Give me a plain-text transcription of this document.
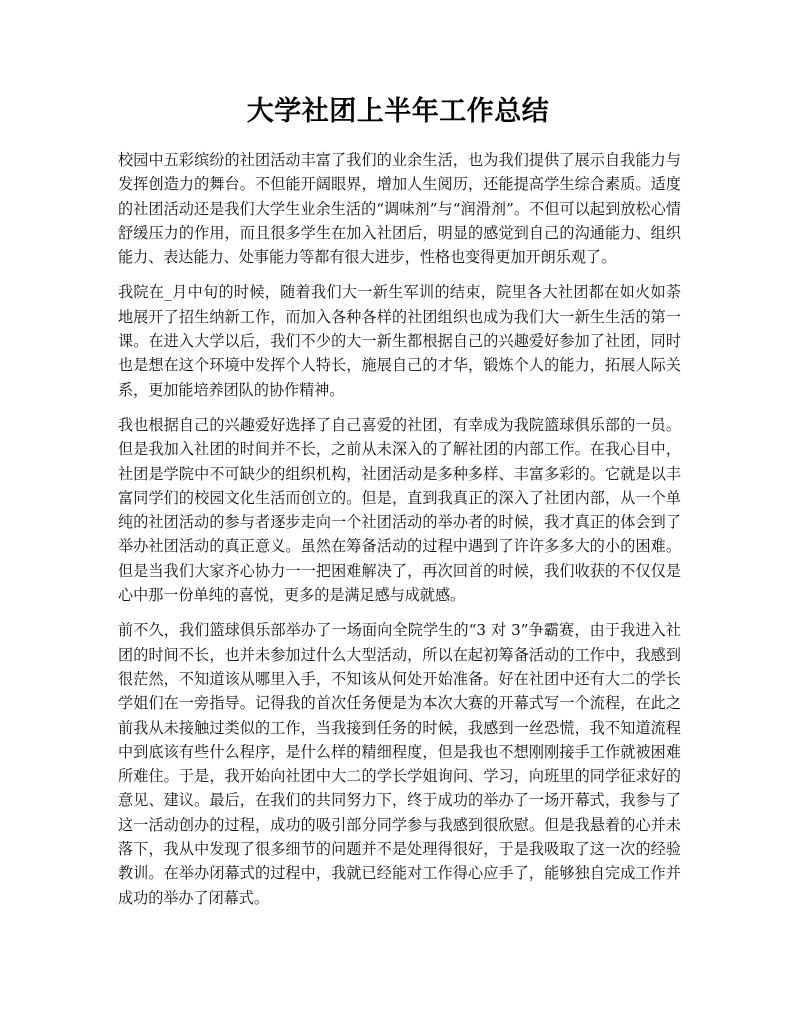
大学社团上半年工作总结

校园中五彩缤纷的社团活动丰富了我们的业余生活，也为我们提供了展示自我能力与发挥创造力的舞台。不但能开阔眼界，增加人生阅历，还能提高学生综合素质。适度的社团活动还是我们大学生业余生活的“调味剂”与“润滑剂”。不但可以起到放松心情舒缓压力的作用，而且很多学生在加入社团后，明显的感觉到自己的沟通能力、组织能力、表达能力、处事能力等都有很大进步，性格也变得更加开朗乐观了。

我院在_月中旬的时候，随着我们大一新生军训的结束，院里各大社团都在如火如荼地展开了招生纳新工作，而加入各种各样的社团组织也成为我们大一新生生活的第一课。在进入大学以后，我们不少的大一新生都根据自己的兴趣爱好参加了社团，同时也是想在这个环境中发挥个人特长，施展自己的才华，锻炼个人的能力，拓展人际关系，更加能培养团队的协作精神。

我也根据自己的兴趣爱好选择了自己喜爱的社团，有幸成为我院篮球俱乐部的一员。但是我加入社团的时间并不长，之前从未深入的了解社团的内部工作。在我心目中，社团是学院中不可缺少的组织机构，社团活动是多种多样、丰富多彩的。它就是以丰富同学们的校园文化生活而创立的。但是，直到我真正的深入了社团内部，从一个单纯的社团活动的参与者逐步走向一个社团活动的举办者的时候，我才真正的体会到了举办社团活动的真正意义。虽然在筹备活动的过程中遇到了许许多多大的小的困难。但是当我们大家齐心协力一一把困难解决了，再次回首的时候，我们收获的不仅仅是心中那一份单纯的喜悦，更多的是满足感与成就感。

前不久，我们篮球俱乐部举办了一场面向全院学生的“3 对 3”争霸赛，由于我进入社团的时间不长，也并未参加过什么大型活动，所以在起初筹备活动的工作中，我感到很茫然，不知道该从哪里入手，不知该从何处开始准备。好在社团中还有大二的学长学姐们在一旁指导。记得我的首次任务便是为本次大赛的开幕式写一个流程，在此之前我从未接触过类似的工作，当我接到任务的时候，我感到一丝恐慌，我不知道流程中到底该有些什么程序，是什么样的精细程度，但是我也不想刚刚接手工作就被困难所难住。于是，我开始向社团中大二的学长学姐询问、学习，向班里的同学征求好的意见、建议。最后，在我们的共同努力下，终于成功的举办了一场开幕式，我参与了这一活动创办的过程，成功的吸引部分同学参与我感到很欣慰。但是我悬着的心并未落下，我从中发现了很多细节的问题并不是处理得很好，于是我吸取了这一次的经验教训。在举办闭幕式的过程中，我就已经能对工作得心应手了，能够独自完成工作并成功的举办了闭幕式。
